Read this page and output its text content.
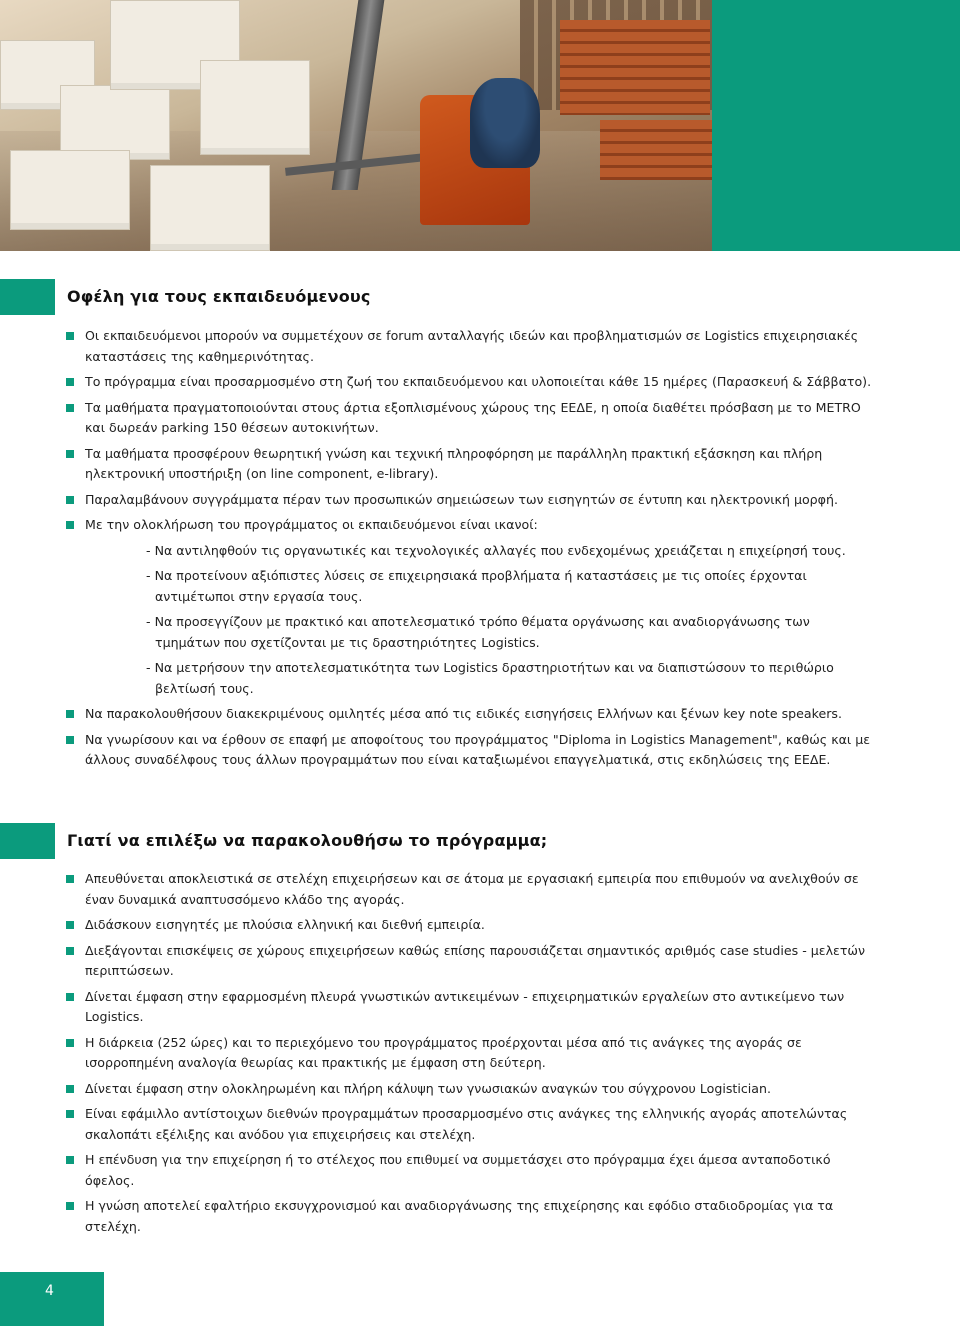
Οφέλη για τους εκπαιδευόμενους
Οι εκπαιδευόμενοι μπορούν να συμμετέχουν σε forum ανταλλαγής ιδεών και προβληματισμών σε Logistics επιχειρησιακές καταστάσεις της καθημερινότητας.
Το πρόγραμμα είναι προσαρμοσμένο στη ζωή του εκπαιδευόμενου και υλοποιείται κάθε 15 ημέρες (Παρασκευή & Σάββατο).
Τα μαθήματα πραγματοποιούνται στους άρτια εξοπλισμένους χώρους της ΕΕΔΕ, η οποία διαθέτει πρόσβαση με το METRO και δωρεάν parking 150 θέσεων αυτοκινήτων.
Τα μαθήματα προσφέρουν θεωρητική γνώση και τεχνική πληροφόρηση με παράλληλη πρακτική εξάσκηση και πλήρη ηλεκτρονική υποστήριξη (on line component, e-library).
Παραλαμβάνουν συγγράμματα πέραν των προσωπικών σημειώσεων των εισηγητών σε έντυπη και ηλεκτρονική μορφή.
Με την ολοκλήρωση του προγράμματος οι εκπαιδευόμενοι είναι ικανοί:
- Να αντιληφθούν τις οργανωτικές και τεχνολογικές αλλαγές που ενδεχομένως χρειάζεται η επιχείρησή τους.
- Να προτείνουν αξιόπιστες λύσεις σε επιχειρησιακά προβλήματα ή καταστάσεις με τις οποίες έρχονται αντιμέτωποι στην εργασία τους.
- Να προσεγγίζουν με πρακτικό και αποτελεσματικό τρόπο θέματα οργάνωσης και αναδιοργάνωσης των τμημάτων που σχετίζονται με τις δραστηριότητες Logistics.
- Να μετρήσουν την αποτελεσματικότητα των Logistics δραστηριοτήτων και να διαπιστώσουν το περιθώριο βελτίωσή τους.
Να παρακολουθήσουν διακεκριμένους ομιλητές μέσα από τις ειδικές εισηγήσεις Ελλήνων και ξένων key note speakers.
Να γνωρίσουν και να έρθουν σε επαφή με αποφοίτους του προγράμματος "Diploma in Logistics Management", καθώς και με άλλους συναδέλφους τους άλλων προγραμμάτων που είναι καταξιωμένοι επαγγελματικά, στις εκδηλώσεις της ΕΕΔΕ.
Γιατί να επιλέξω να παρακολουθήσω το πρόγραμμα;
Απευθύνεται αποκλειστικά σε στελέχη επιχειρήσεων και σε άτομα με εργασιακή εμπειρία που επιθυμούν να ανελιχθούν σε έναν δυναμικά αναπτυσσόμενο κλάδο της αγοράς.
Διδάσκουν εισηγητές με πλούσια ελληνική και διεθνή εμπειρία.
Διεξάγονται επισκέψεις σε χώρους επιχειρήσεων καθώς επίσης παρουσιάζεται σημαντικός αριθμός case studies - μελετών περιπτώσεων.
Δίνεται έμφαση στην εφαρμοσμένη πλευρά γνωστικών αντικειμένων - επιχειρηματικών εργαλείων στο αντικείμενο των Logistics.
Η διάρκεια (252 ώρες) και το περιεχόμενο του προγράμματος προέρχονται μέσα από τις ανάγκες της αγοράς σε ισορροπημένη αναλογία θεωρίας και πρακτικής με έμφαση στη δεύτερη.
Δίνεται έμφαση στην ολοκληρωμένη και πλήρη κάλυψη των γνωσιακών αναγκών του σύγχρονου Logistician.
Είναι εφάμιλλο αντίστοιχων διεθνών προγραμμάτων προσαρμοσμένο στις ανάγκες της ελληνικής αγοράς αποτελώντας σκαλοπάτι εξέλιξης και ανόδου για επιχειρήσεις και στελέχη.
Η επένδυση για την επιχείρηση ή το στέλεχος που επιθυμεί να συμμετάσχει στο πρόγραμμα έχει άμεσα ανταποδοτικό όφελος.
Η γνώση αποτελεί εφαλτήριο εκσυγχρονισμού και αναδιοργάνωσης της επιχείρησης και εφόδιο σταδιοδρομίας για τα στελέχη.
4
